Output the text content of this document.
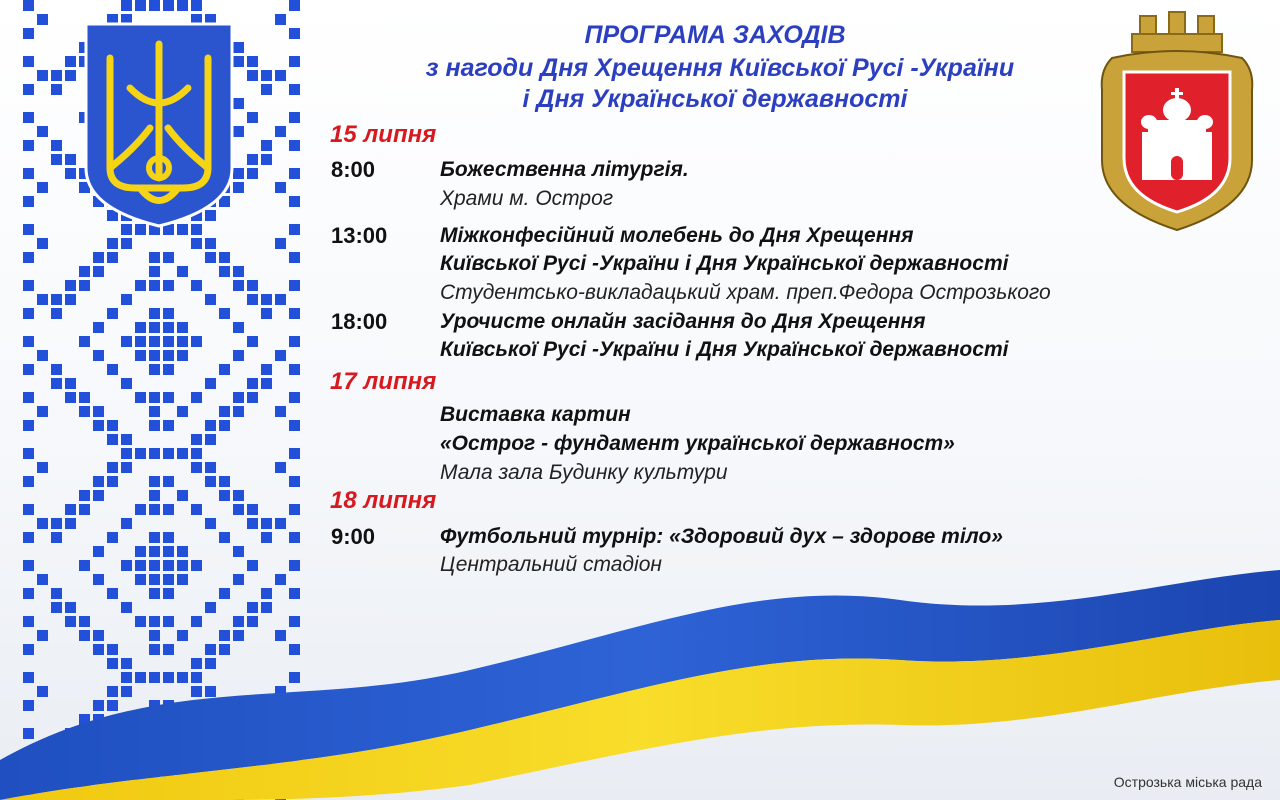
ПРОГРАМА ЗАХОДІВ

з нагоди Дня Хрещення Київської Русі -України

і Дня Української державності

15 липня
8:00	Божественна літургія.
Храми м. Острог
13:00	Міжконфесійний молебень до Дня Хрещення
Київської Русі -України і Дня Української державності
Студентсько-викладацький храм. преп.Федора Острозького
18:00	Урочисте онлайн засідання до Дня Хрещення
Київської Русі -України і Дня Української державності
17 липня
Виставка картин
«Острог - фундамент української державност»
Мала зала Будинку культури
18 липня
9:00	Футбольний турнір: «Здоровий дух – здорове тіло»
Центральний стадіон
Острозька міська рада
